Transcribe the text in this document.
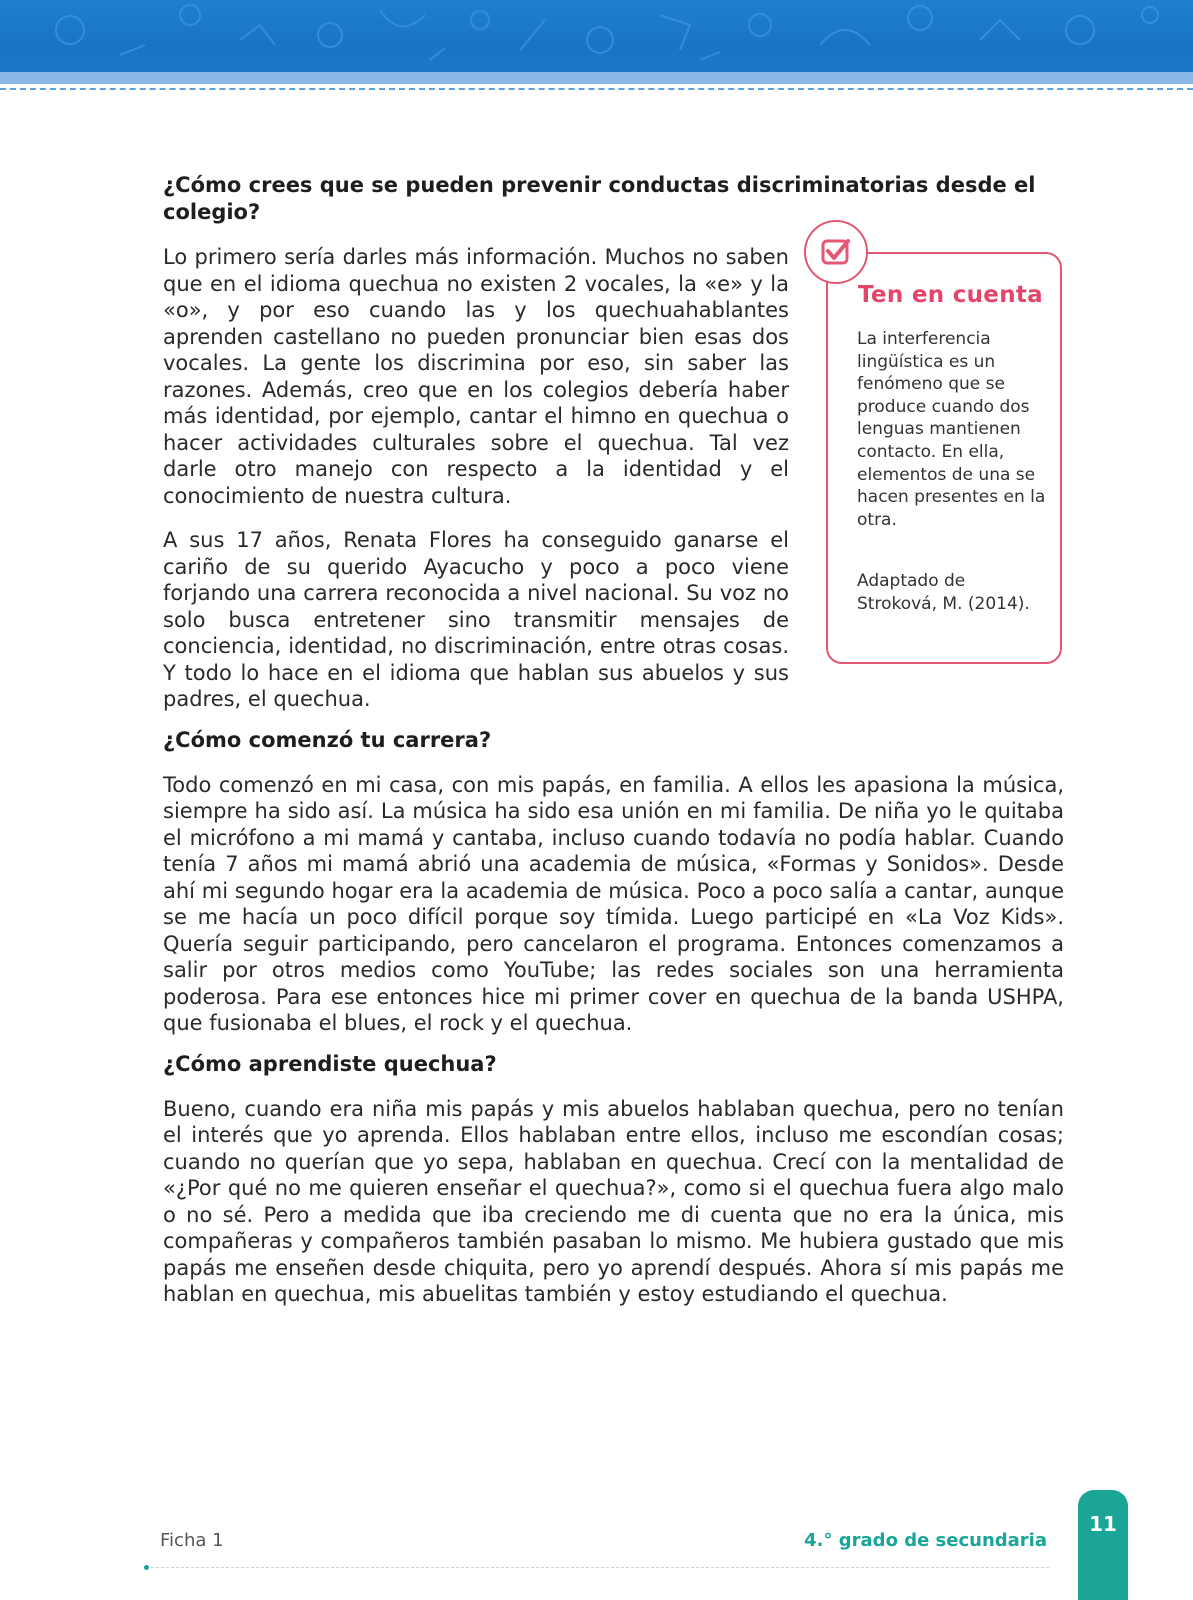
¿Cómo crees que se pueden prevenir conductas discriminatorias desde el colegio?

Lo primero sería darles más información. Muchos no saben que en el idioma quechua no existen 2 vocales, la «e» y la «o», y por eso cuando las y los quechuahablantes aprenden castellano no pueden pronunciar bien esas dos vocales. La gente los discrimina por eso, sin saber las razones. Además, creo que en los colegios debería haber más identidad, por ejemplo, cantar el himno en quechua o hacer actividades culturales sobre el quechua. Tal vez darle otro manejo con respecto a la identidad y el conocimiento de nuestra cultura.

A sus 17 años, Renata Flores ha conseguido ganarse el cariño de su querido Ayacucho y poco a poco viene forjando una carrera reconocida a nivel nacional. Su voz no solo busca entretener sino transmitir mensajes de conciencia, identidad, no discriminación, entre otras cosas. Y todo lo hace en el idioma que hablan sus abuelos y sus padres, el quechua.

¿Cómo comenzó tu carrera?

Todo comenzó en mi casa, con mis papás, en familia. A ellos les apasiona la música, siempre ha sido así. La música ha sido esa unión en mi familia. De niña yo le quitaba el micrófono a mi mamá y cantaba, incluso cuando todavía no podía hablar. Cuando tenía 7 años mi mamá abrió una academia de música, «Formas y Sonidos». Desde ahí mi segundo hogar era la academia de música. Poco a poco salía a cantar, aunque se me hacía un poco difícil porque soy tímida. Luego participé en «La Voz Kids». Quería seguir participando, pero cancelaron el programa. Entonces comenzamos a salir por otros medios como YouTube; las redes sociales son una herramienta poderosa. Para ese entonces hice mi primer cover en quechua de la banda USHPA, que fusionaba el blues, el rock y el quechua.

¿Cómo aprendiste quechua?

Bueno, cuando era niña mis papás y mis abuelos hablaban quechua, pero no tenían el interés que yo aprenda. Ellos hablaban entre ellos, incluso me escondían cosas; cuando no querían que yo sepa, hablaban en quechua. Crecí con la mentalidad de «¿Por qué no me quieren enseñar el quechua?», como si el quechua fuera algo malo o no sé. Pero a medida que iba creciendo me di cuenta que no era la única, mis compañeras y compañeros también pasaban lo mismo. Me hubiera gustado que mis papás me enseñen desde chiquita, pero yo aprendí después. Ahora sí mis papás me hablan en quechua, mis abuelitas también y estoy estudiando el quechua.

Ten en cuenta
La interferencia lingüística es un fenómeno que se produce cuando dos lenguas mantienen contacto. En ella, elementos de una se hacen presentes en la otra.
Adaptado de Stroková, M. (2014).
Ficha 1	4.° grado de secundaria
11
